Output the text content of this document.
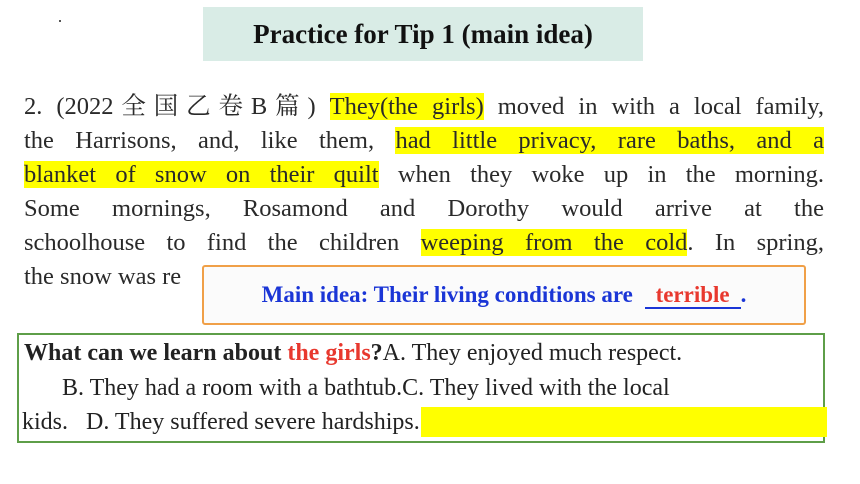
Practice for Tip 1 (main idea)
2. (2022全国乙卷B篇) They(the girls) moved in with a local family,
the Harrisons, and, like them, had little privacy, rare baths, and a
blanket of snow on their quilt when they woke up in the morning.
Some mornings, Rosamond and Dorothy would arrive at the
schoolhouse to find the children weeping from the cold. In spring,
the snow was re
Main idea: Their living conditions are terrible .
What can we learn about the girls?A. They enjoyed much respect.
B. They had a room with a bathtub.C. They lived with the local
kids. D. They suffered severe hardships.
